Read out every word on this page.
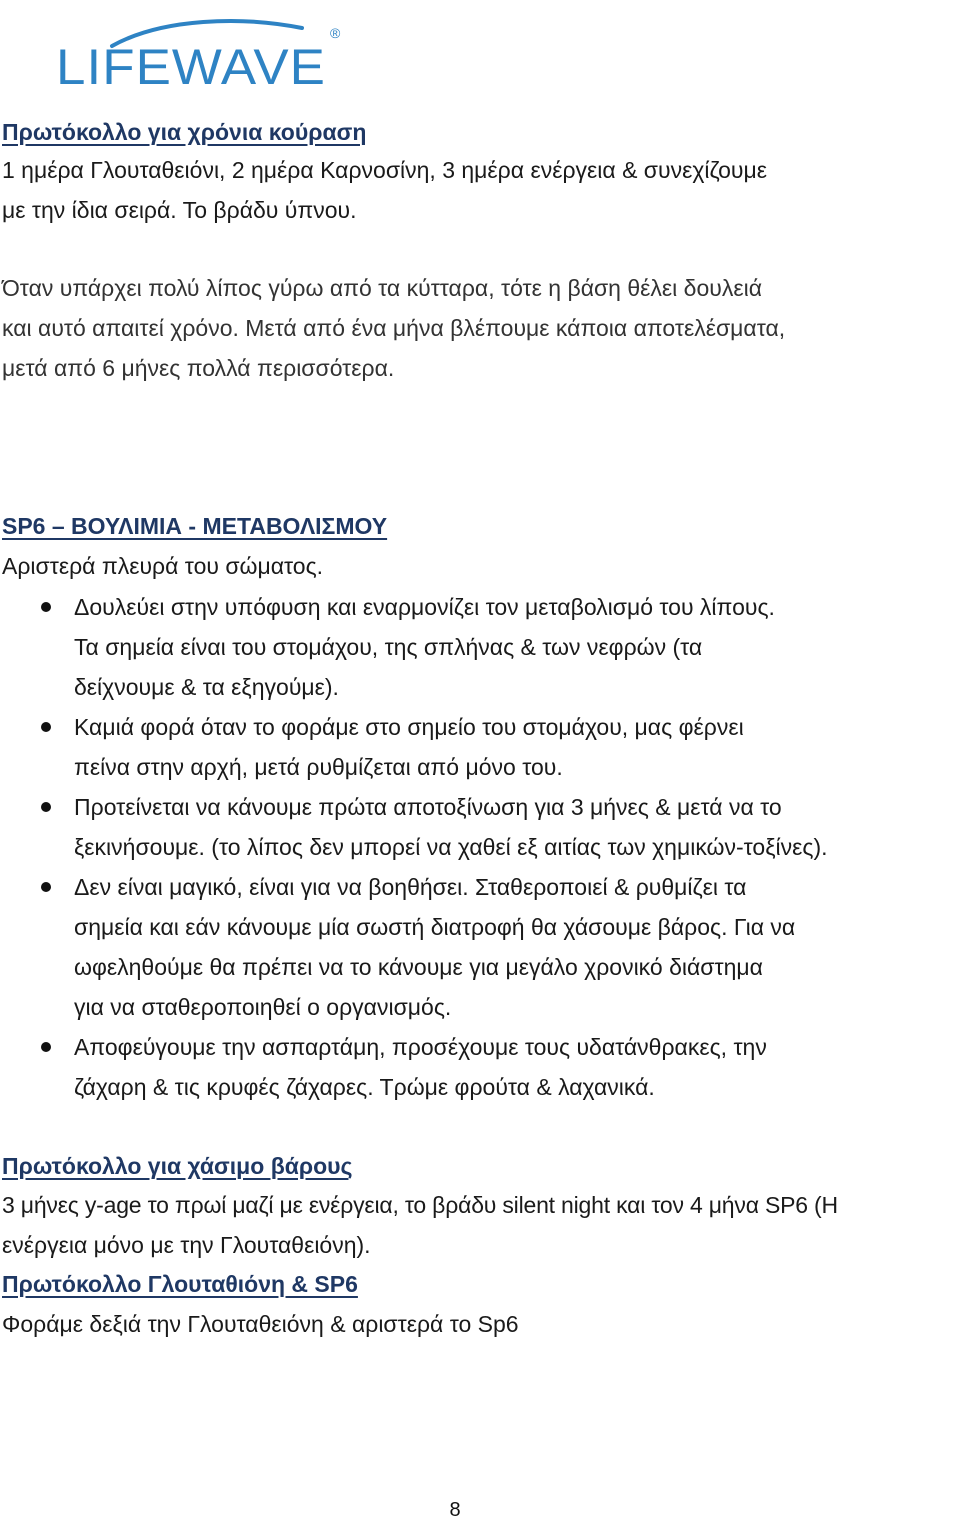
LIFEWAVE
®
Πρωτόκολλο για χρόνια κούραση
1 ημέρα Γλουταθειόνι, 2 ημέρα Καρνοσίνη, 3 ημέρα ενέργεια & συνεχίζουμε
με την ίδια σειρά. Το βράδυ ύπνου.
Όταν υπάρχει πολύ λίπος γύρω από τα κύτταρα, τότε η βάση θέλει δουλειά
και αυτό απαιτεί χρόνο. Μετά από ένα μήνα βλέπουμε κάποια αποτελέσματα,
μετά από 6 μήνες πολλά περισσότερα.
SP6 – ΒΟΥΛΙΜΙΑ - ΜΕΤΑΒΟΛΙΣΜΟΥ
Αριστερά πλευρά του σώματος.
Δουλεύει στην υπόφυση και εναρμονίζει τον μεταβολισμό του λίπους.
Τα σημεία είναι του στομάχου, της σπλήνας & των νεφρών (τα
δείχνουμε & τα εξηγούμε).
Καμιά φορά όταν το φοράμε στο σημείο του στομάχου, μας φέρνει
πείνα στην αρχή, μετά ρυθμίζεται από μόνο του.
Προτείνεται να κάνουμε πρώτα αποτοξίνωση για 3 μήνες & μετά να το
ξεκινήσουμε. (το λίπος δεν μπορεί να χαθεί εξ αιτίας των χημικών-τοξίνες).
Δεν είναι μαγικό, είναι για να βοηθήσει. Σταθεροποιεί & ρυθμίζει τα
σημεία και εάν κάνουμε μία σωστή διατροφή θα χάσουμε βάρος. Για να
ωφεληθούμε θα πρέπει να το κάνουμε για μεγάλο χρονικό διάστημα
για να σταθεροποιηθεί ο οργανισμός.
Αποφεύγουμε την ασπαρτάμη, προσέχουμε τους υδατάνθρακες, την
ζάχαρη & τις κρυφές ζάχαρες. Τρώμε φρούτα & λαχανικά.
Πρωτόκολλο για χάσιμο βάρους
3 μήνες y-age το πρωί μαζί με ενέργεια, το βράδυ silent night και τον 4 μήνα SP6 (Η
ενέργεια μόνο με την Γλουταθειόνη).
Πρωτόκολλο Γλουταθιόνη & SP6
Φοράμε δεξιά την Γλουταθειόνη & αριστερά το Sp6
8
